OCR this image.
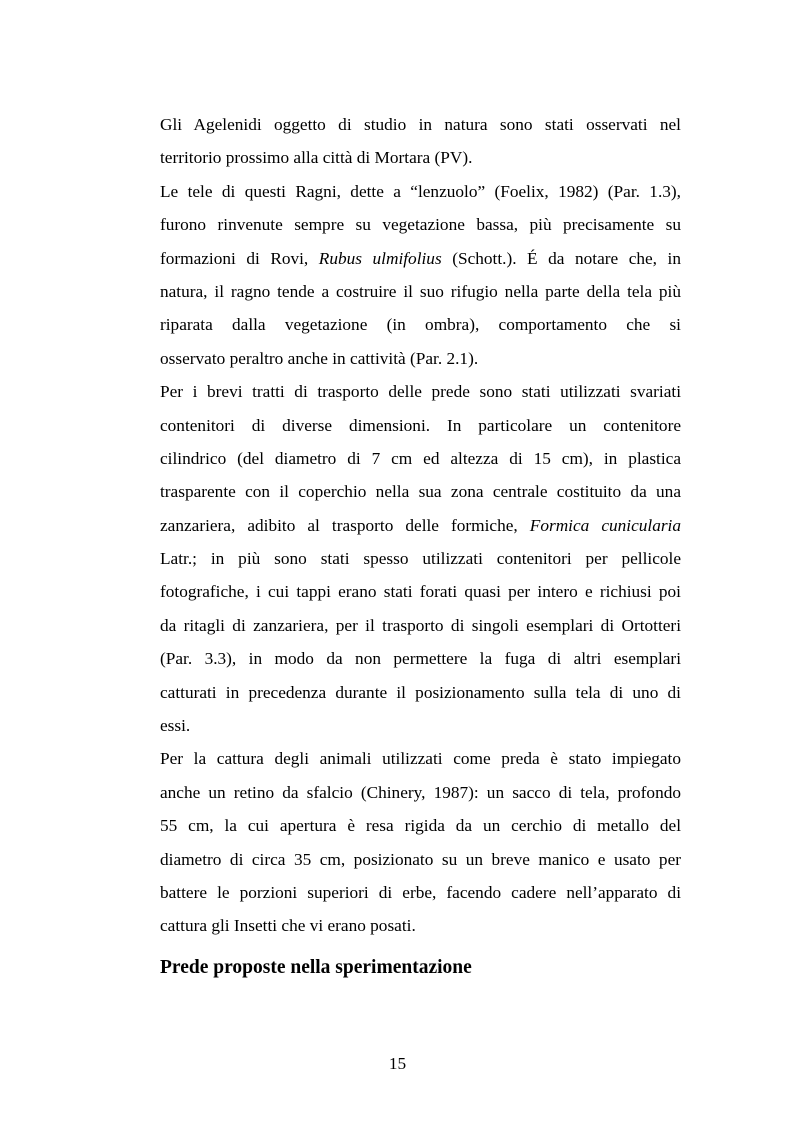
Gli Agelenidi oggetto di studio in natura sono stati osservati nel
territorio prossimo alla città di Mortara (PV).
Le tele di questi Ragni, dette a “lenzuolo” (Foelix, 1982) (Par. 1.3),
furono rinvenute sempre su vegetazione bassa, più precisamente su
formazioni di Rovi, Rubus ulmifolius (Schott.). É da notare che, in
natura, il ragno tende a costruire il suo rifugio nella parte della tela più
riparata dalla vegetazione (in ombra), comportamento che si
osservato peraltro anche in cattività (Par. 2.1).
Per i brevi tratti di trasporto delle prede sono stati utilizzati svariati
contenitori di diverse dimensioni. In particolare un contenitore
cilindrico (del diametro di 7 cm ed altezza di 15 cm), in plastica
trasparente con il coperchio nella sua zona centrale costituito da una
zanzariera, adibito al trasporto delle formiche, Formica cunicularia
Latr.; in più sono stati spesso utilizzati contenitori per pellicole
fotografiche, i cui tappi erano stati forati quasi per intero e richiusi poi
da ritagli di zanzariera, per il trasporto di singoli esemplari di Ortotteri
(Par. 3.3), in modo da non permettere la fuga di altri esemplari
catturati in precedenza durante il posizionamento sulla tela di uno di
essi.
Per la cattura degli animali utilizzati come preda è stato impiegato
anche un retino da sfalcio (Chinery, 1987): un sacco di tela, profondo
55 cm, la cui apertura è resa rigida da un cerchio di metallo del
diametro di circa 35 cm, posizionato su un breve manico e usato per
battere le porzioni superiori di erbe, facendo cadere nell’apparato di
cattura gli Insetti che vi erano posati.
Prede proposte nella sperimentazione
15
